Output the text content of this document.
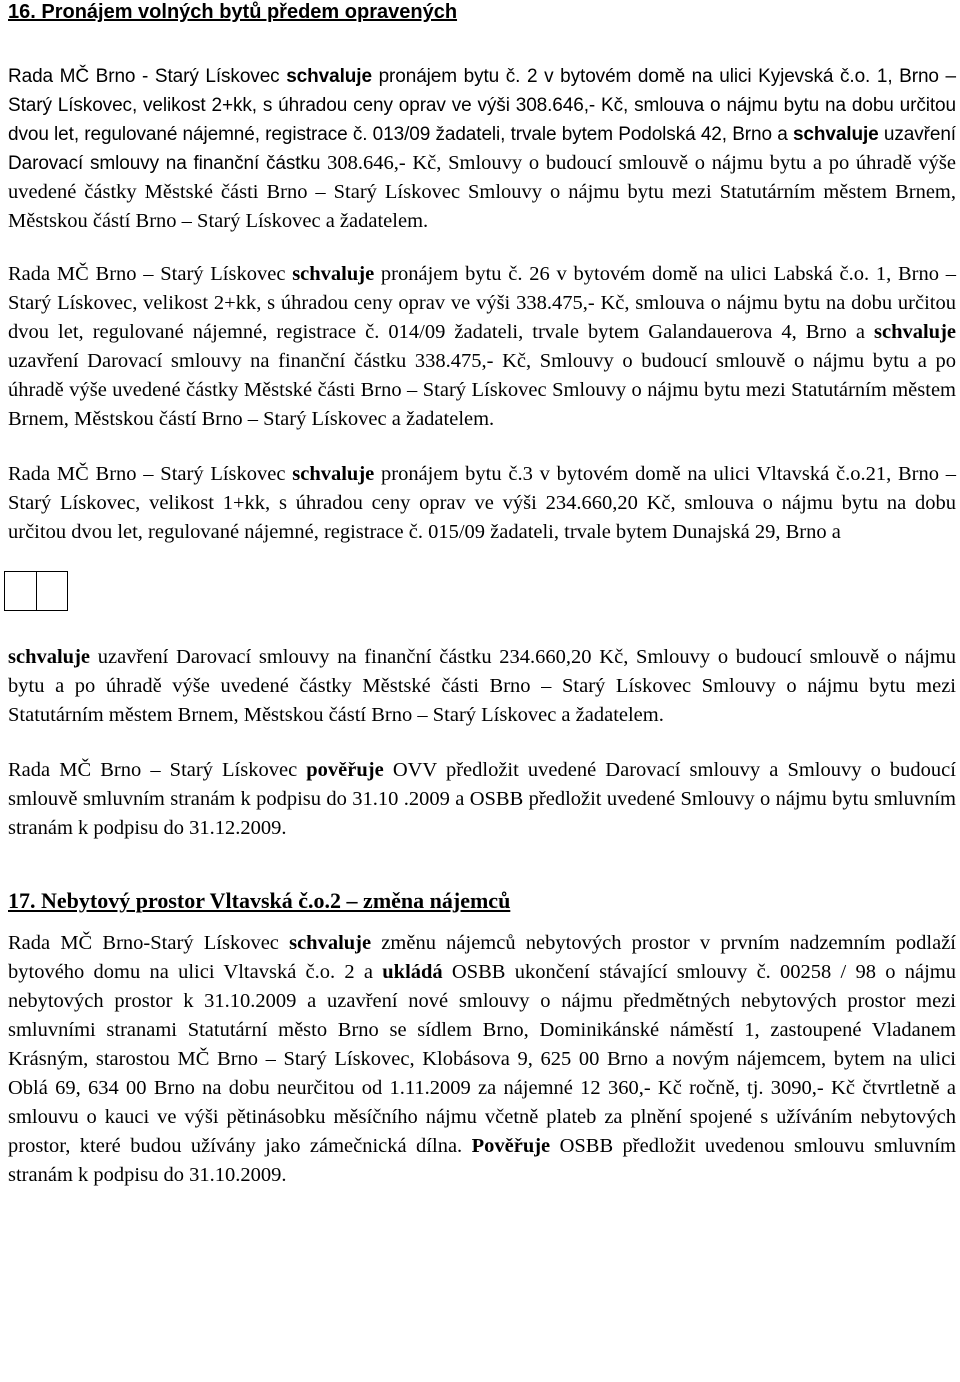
16. Pronájem volných bytů předem opravených

Rada MČ Brno - Starý Lískovec schvaluje pronájem bytu č. 2 v bytovém domě na ulici Kyjevská č.o. 1, Brno – Starý Lískovec, velikost 2+kk, s úhradou ceny oprav ve výši 308.646,- Kč, smlouva o nájmu bytu na dobu určitou dvou let, regulované nájemné, registrace č. 013/09 žadateli, trvale bytem Podolská 42, Brno a schvaluje uzavření Darovací smlouvy na finanční částku 308.646,- Kč, Smlouvy o budoucí smlouvě o nájmu bytu a po úhradě výše uvedené částky Městské části Brno – Starý Lískovec Smlouvy o nájmu bytu mezi Statutárním městem Brnem, Městskou částí Brno – Starý Lískovec a žadatelem.

Rada MČ Brno – Starý Lískovec schvaluje pronájem bytu č. 26 v bytovém domě na ulici Labská č.o. 1, Brno – Starý Lískovec, velikost 2+kk, s úhradou ceny oprav ve výši 338.475,- Kč, smlouva o nájmu bytu na dobu určitou dvou let, regulované nájemné, registrace č. 014/09 žadateli, trvale bytem Galandauerova 4, Brno a schvaluje uzavření Darovací smlouvy na finanční částku 338.475,- Kč, Smlouvy o budoucí smlouvě o nájmu bytu a po úhradě výše uvedené částky Městské části Brno – Starý Lískovec Smlouvy o nájmu bytu mezi Statutárním městem Brnem, Městskou částí Brno – Starý Lískovec a žadatelem.

Rada MČ Brno – Starý Lískovec schvaluje pronájem bytu č.3 v bytovém domě na ulici Vltavská č.o.21, Brno – Starý Lískovec, velikost 1+kk, s úhradou ceny oprav ve výši 234.660,20 Kč, smlouva o nájmu bytu na dobu určitou dvou let, regulované nájemné, registrace č. 015/09 žadateli, trvale bytem Dunajská 29, Brno a

schvaluje uzavření Darovací smlouvy na finanční částku 234.660,20 Kč, Smlouvy o budoucí smlouvě o nájmu bytu a po úhradě výše uvedené částky Městské části Brno – Starý Lískovec Smlouvy o nájmu bytu mezi Statutárním městem Brnem, Městskou částí Brno – Starý Lískovec a žadatelem.

Rada MČ Brno – Starý Lískovec pověřuje OVV předložit uvedené Darovací smlouvy a Smlouvy o budoucí smlouvě smluvním stranám k podpisu do 31.10 .2009 a OSBB předložit uvedené Smlouvy o nájmu bytu smluvním stranám k podpisu do 31.12.2009.

17. Nebytový prostor Vltavská č.o.2 – změna nájemců

Rada MČ Brno-Starý Lískovec schvaluje změnu nájemců nebytových prostor v prvním nadzemním podlaží bytového domu na ulici Vltavská č.o. 2 a ukládá OSBB ukončení stávající smlouvy č. 00258 / 98 o nájmu nebytových prostor k 31.10.2009 a uzavření nové smlouvy o nájmu předmětných nebytových prostor mezi smluvními stranami Statutární město Brno se sídlem Brno, Dominikánské náměstí 1, zastoupené Vladanem Krásným, starostou MČ Brno – Starý Lískovec, Klobásova 9, 625 00 Brno a novým nájemcem, bytem na ulici Oblá 69, 634 00 Brno na dobu neurčitou od 1.11.2009 za nájemné 12 360,- Kč ročně, tj. 3090,- Kč čtvrtletně a smlouvu o kauci ve výši pětinásobku měsíčního nájmu včetně plateb za plnění spojené s užíváním nebytových prostor, které budou užívány jako zámečnická dílna. Pověřuje OSBB předložit uvedenou smlouvu smluvním stranám k podpisu do 31.10.2009.
